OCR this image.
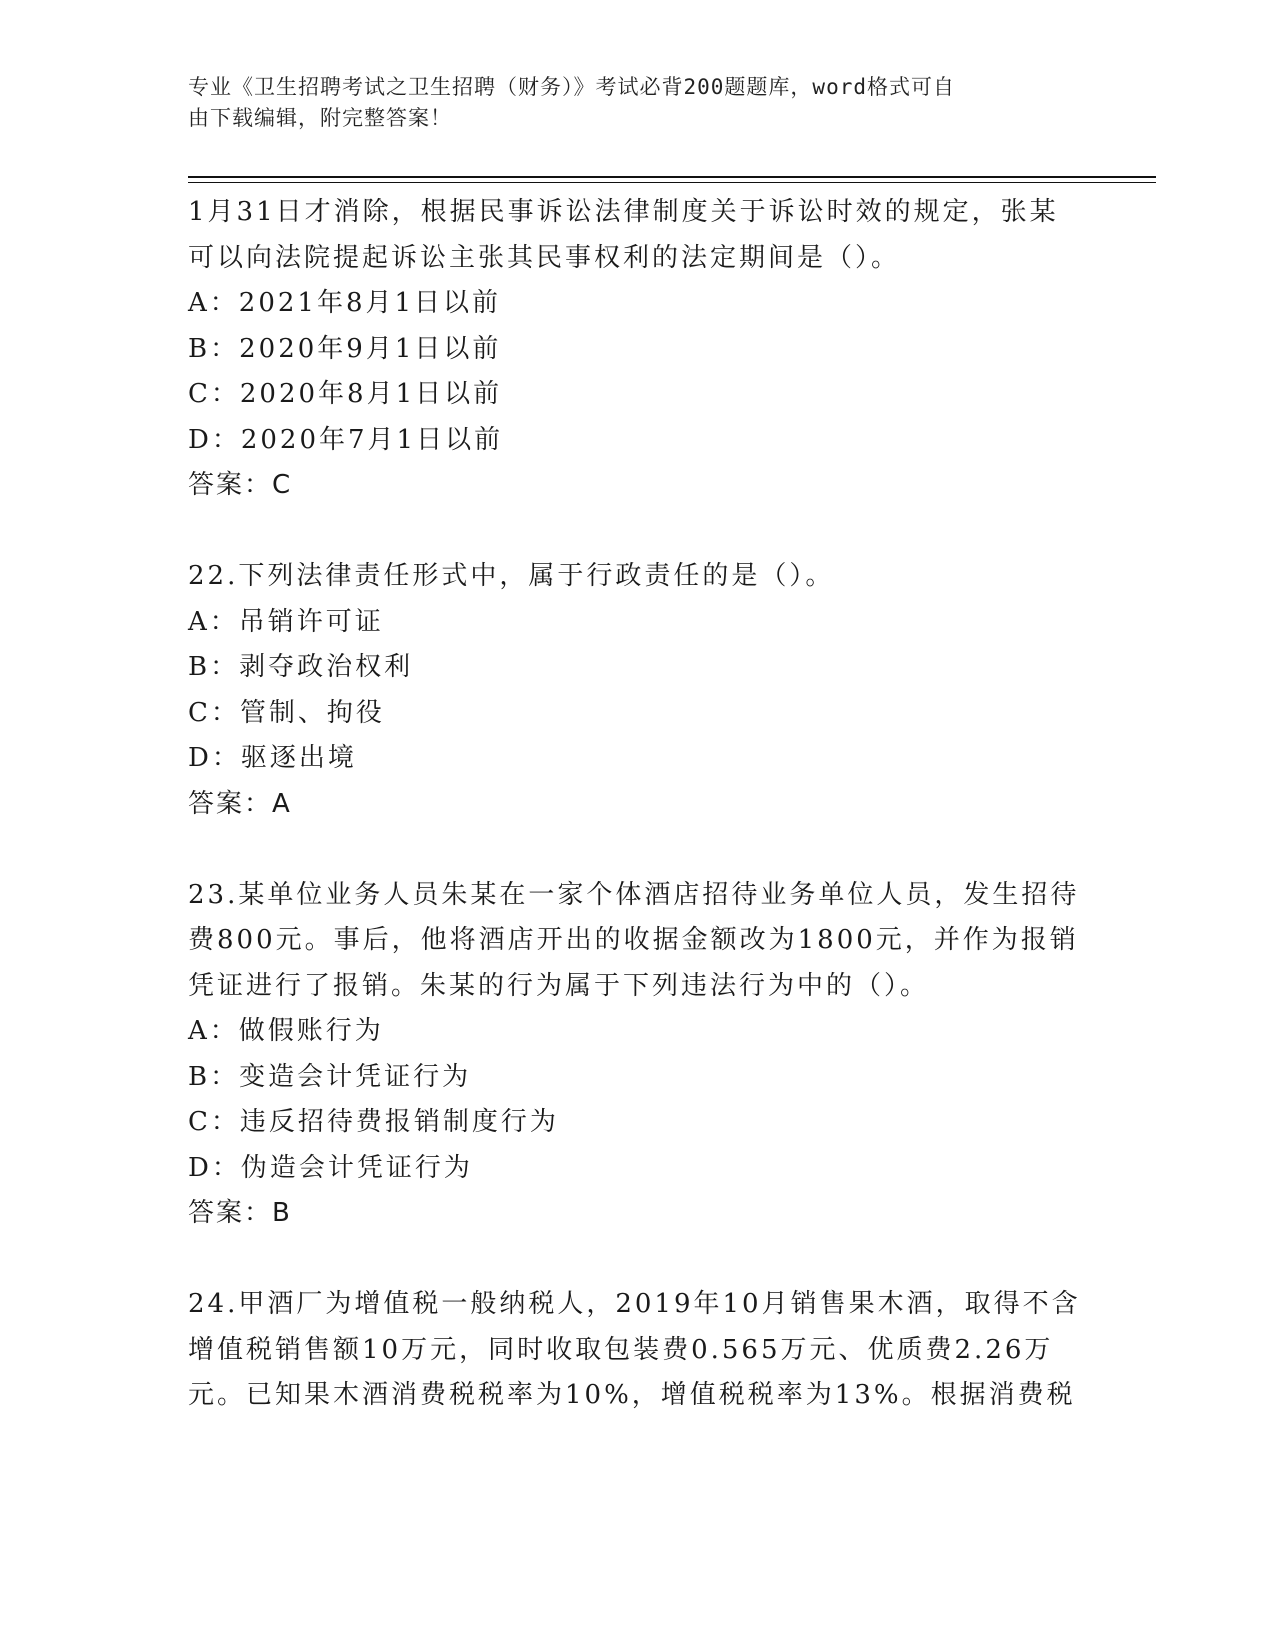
专业《卫生招聘考试之卫生招聘（财务）》考试必背200题题库，word格式可自
由下载编辑，附完整答案！
1月31日才消除，根据民事诉讼法律制度关于诉讼时效的规定，张某
可以向法院提起诉讼主张其民事权利的法定期间是（）。
A：2021年8月1日以前
B：2020年9月1日以前
C：2020年8月1日以前
D：2020年7月1日以前
答案：C
22.下列法律责任形式中，属于行政责任的是（）。
A：吊销许可证
B：剥夺政治权利
C：管制、拘役
D：驱逐出境
答案：A
23.某单位业务人员朱某在一家个体酒店招待业务单位人员，发生招待
费800元。事后，他将酒店开出的收据金额改为1800元，并作为报销
凭证进行了报销。朱某的行为属于下列违法行为中的（）。
A：做假账行为
B：变造会计凭证行为
C：违反招待费报销制度行为
D：伪造会计凭证行为
答案：B
24.甲酒厂为增值税一般纳税人，2019年10月销售果木酒，取得不含
增值税销售额10万元，同时收取包装费0.565万元、优质费2.26万
元。已知果木酒消费税税率为10%，增值税税率为13%。根据消费税
